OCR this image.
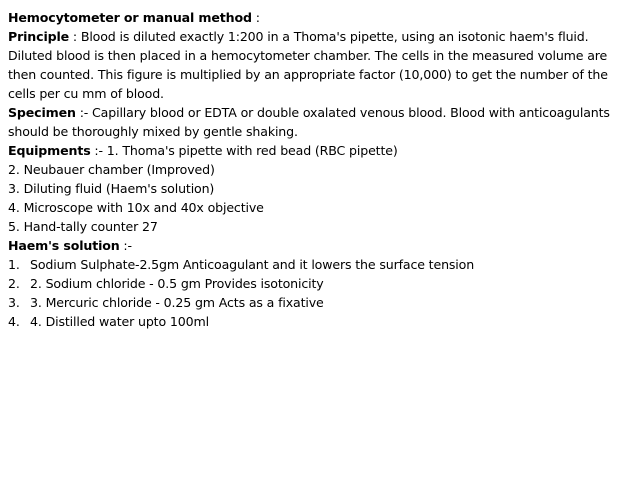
Hemocytometer or manual method :
Principle : Blood is diluted exactly 1:200 in a Thoma's pipette, using an isotonic haem's fluid. Diluted blood is then placed in a hemocytometer chamber. The cells in the measured volume are then counted. This figure is multiplied by an appropriate factor (10,000) to get the number of the cells per cu mm of blood.
Specimen :- Capillary blood or EDTA or double oxalated venous blood. Blood with anticoagulants should be thoroughly mixed by gentle shaking.
Equipments :- 1. Thoma's pipette with red bead (RBC pipette)
2. Neubauer chamber (Improved)
3. Diluting fluid (Haem's solution)
4. Microscope with 10x and 40x objective
5. Hand-tally counter 27
Haem's solution :-
1. Sodium Sulphate-2.5gm Anticoagulant and it lowers the surface tension
2. 2. Sodium chloride - 0.5 gm Provides isotonicity
3. 3. Mercuric chloride - 0.25 gm Acts as a fixative
4. 4. Distilled water upto 100ml
